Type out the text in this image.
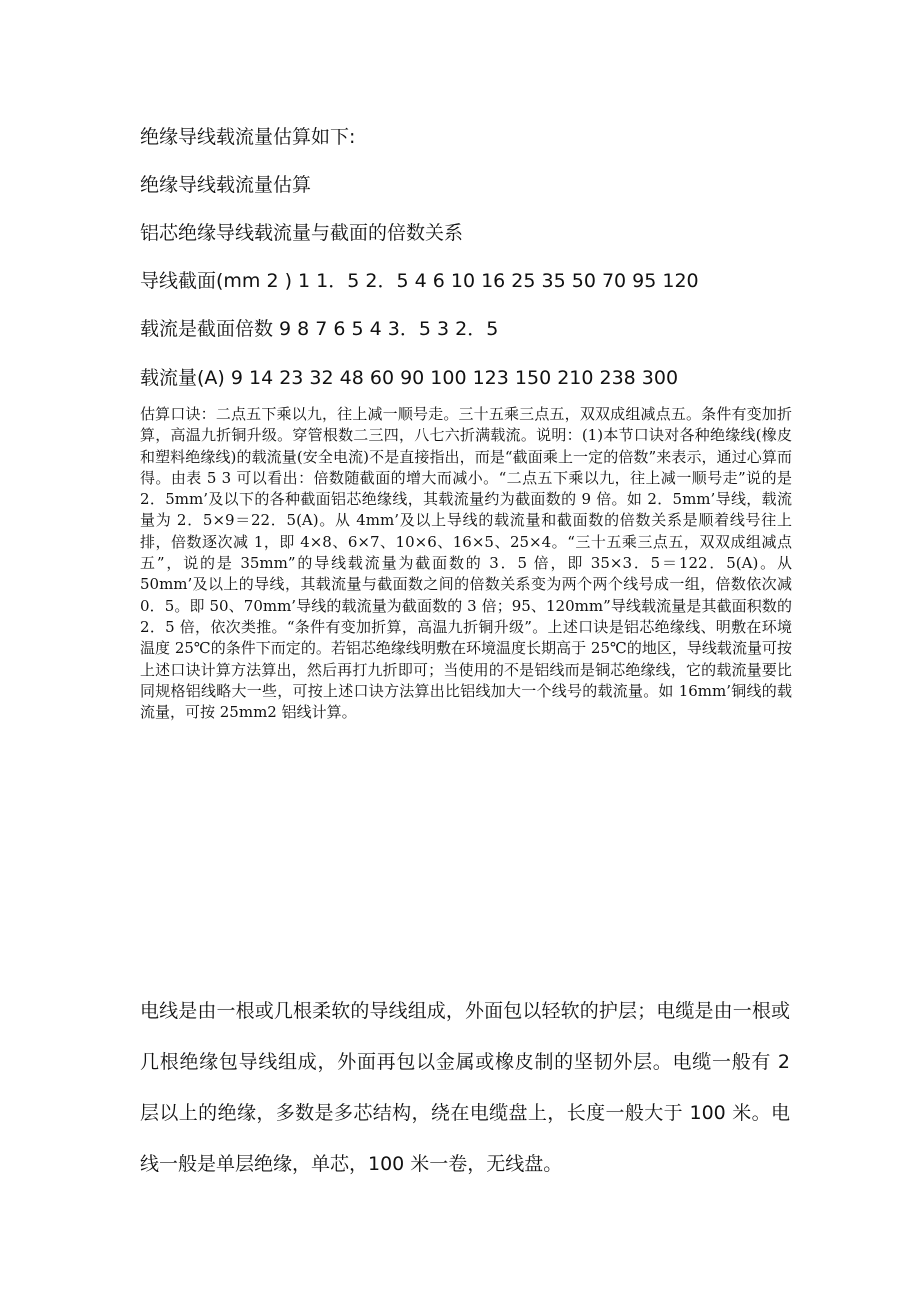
绝缘导线载流量估算如下:
绝缘导线载流量估算
铝芯绝缘导线载流量与截面的倍数关系
导线截面(mm 2 ) 1 1．5 2．5 4 6 10 16 25 35 50 70 95 120
载流是截面倍数 9 8 7 6 5 4 3．5 3 2．5
载流量(A) 9 14 23 32 48 60 90 100 123 150 210 238 300

估算口诀：二点五下乘以九，往上减一顺号走。三十五乘三点五，双双成组减点五。条件有变加折算，高温九折铜升级。穿管根数二三四，八七六折满载流。说明：(1)本节口诀对各种绝缘线(橡皮和塑料绝缘线)的载流量(安全电流)不是直接指出，而是“截面乘上一定的倍数”来表示，通过心算而得。由表 5 3 可以看出：倍数随截面的增大而减小。“二点五下乘以九，往上减一顺号走”说的是2．5mm’及以下的各种截面铝芯绝缘线，其载流量约为截面数的 9 倍。如 2．5mm’导线，载流量为 2．5×9＝22．5(A)。从 4mm’及以上导线的载流量和截面数的倍数关系是顺着线号往上排，倍数逐次减 1，即 4×8、6×7、10×6、16×5、25×4。“三十五乘三点五，双双成组减点五”，说的是 35mm”的导线载流量为截面数的 3．5 倍，即 35×3．5＝122．5(A)。从 50mm’及以上的导线，其载流量与截面数之间的倍数关系变为两个两个线号成一组，倍数依次减 0．5。即 50、70mm’导线的载流量为截面数的 3 倍；95、120mm”导线载流量是其截面积数的2．5 倍，依次类推。“条件有变加折算，高温九折铜升级”。上述口诀是铝芯绝缘线、明敷在环境温度 25℃的条件下而定的。若铝芯绝缘线明敷在环境温度长期高于 25℃的地区，导线载流量可按上述口诀计算方法算出，然后再打九折即可；当使用的不是铝线而是铜芯绝缘线，它的载流量要比同规格铝线略大一些，可按上述口诀方法算出比铝线加大一个线号的载流量。如 16mm’铜线的载流量，可按 25mm2 铝线计算。

电线是由一根或几根柔软的导线组成，外面包以轻软的护层；电缆是由一根或几根绝缘包导线组成，外面再包以金属或橡皮制的坚韧外层。电缆一般有 2 层以上的绝缘，多数是多芯结构，绕在电缆盘上，长度一般大于 100 米。电线一般是单层绝缘，单芯，100 米一卷，无线盘。
